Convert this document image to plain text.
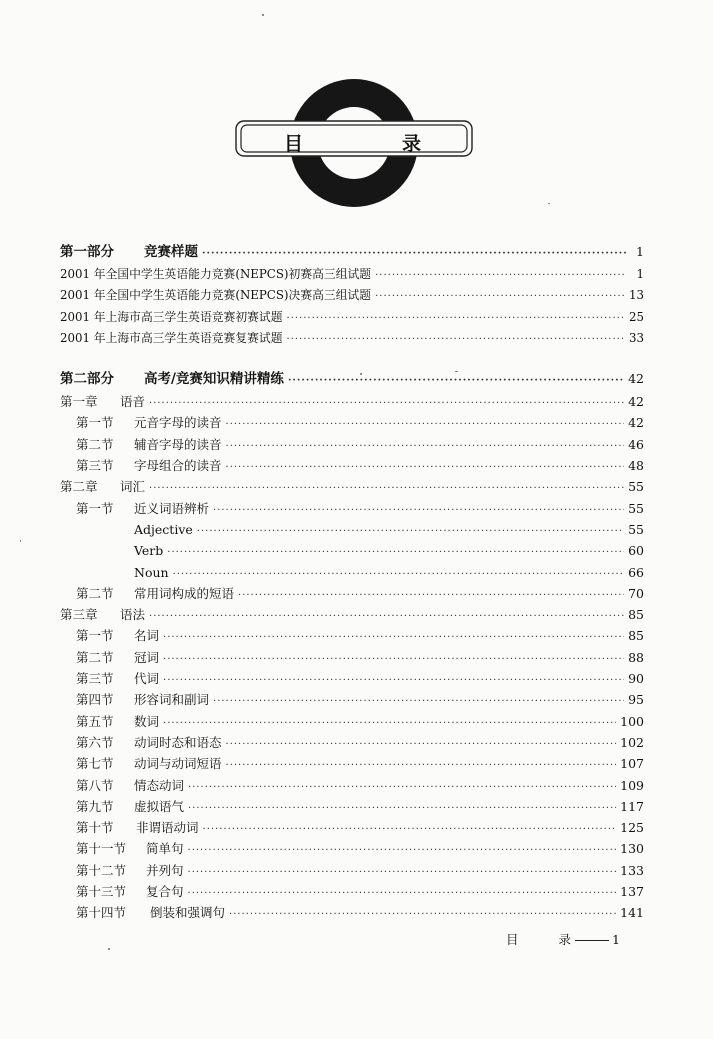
目	录
第一部分	竞赛样题 ·····	1
2001 年全国中学生英语能力竞赛(NEPCS)初赛高三组试题 ·····	1
2001 年全国中学生英语能力竞赛(NEPCS)决赛高三组试题 ·····	13
2001 年上海市高三学生英语竞赛初赛试题 ·····	25
2001 年上海市高三学生英语竞赛复赛试题 ·····	33
第二部分	高考/竞赛知识精讲精练 ·····	42
第一章	语音 ·····	42
第一节	元音字母的读音 ·····	42
第二节	辅音字母的读音 ·····	46
第三节	字母组合的读音 ·····	48
第二章	词汇 ·····	55
第一节	近义词语辨析 ·····	55
Adjective ·····	55
Verb ·····	60
Noun ·····	66
第二节	常用词构成的短语 ·····	70
第三章	语法 ·····	85
第一节	名词 ·····	85
第二节	冠词 ·····	88
第三节	代词 ·····	90
第四节	形容词和副词 ·····	95
第五节	数词 ·····	100
第六节	动词时态和语态 ·····	102
第七节	动词与动词短语 ·····	107
第八节	情态动词 ·····	109
第九节	虚拟语气 ·····	117
第十节	非谓语动词 ·····	125
第十一节	简单句 ·····	130
第十二节	并列句 ·····	133
第十三节	复合句 ·····	137
第十四节	倒装和强调句 ·····	141
目	录	1
